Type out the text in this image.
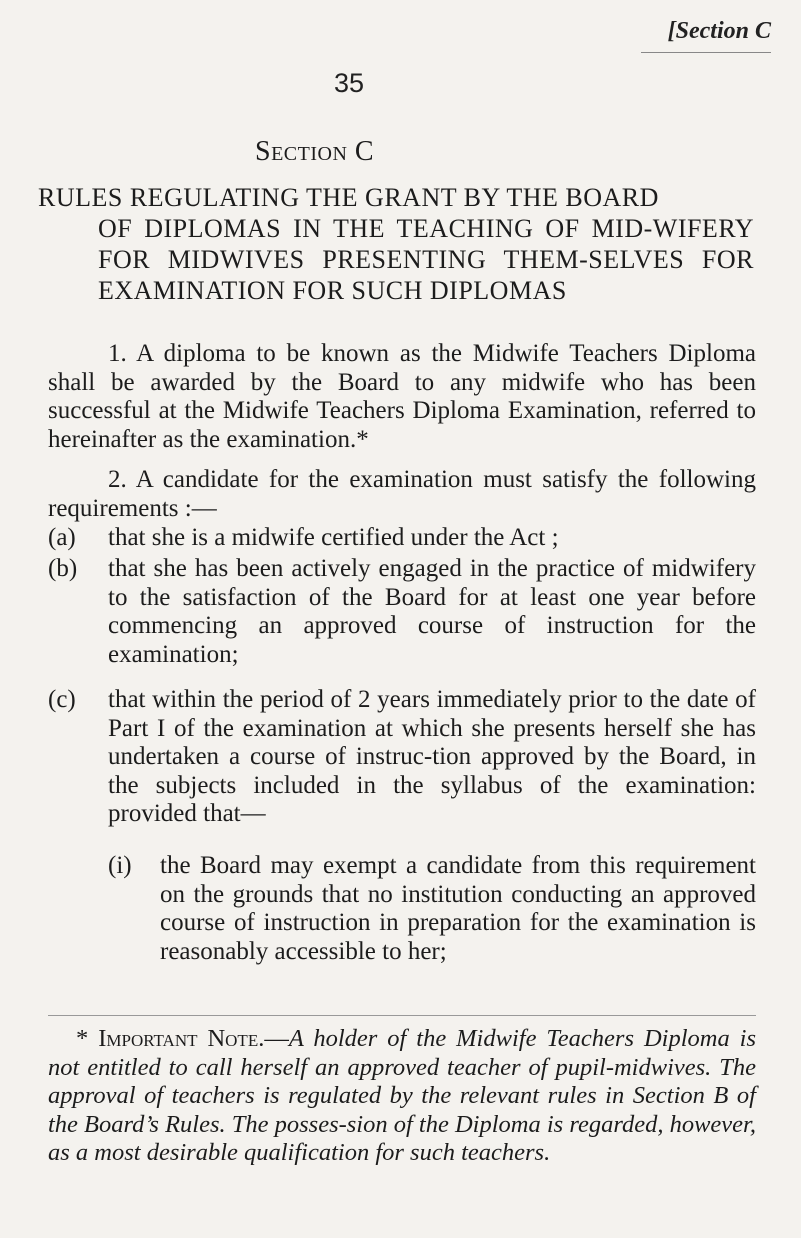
[Section C
35
Section C
RULES REGULATING THE GRANT BY THE BOARD
OF DIPLOMAS IN THE TEACHING OF MID-WIFERY FOR MIDWIVES PRESENTING THEM-SELVES FOR EXAMINATION FOR SUCH DIPLOMAS

1. A diploma to be known as the Midwife Teachers Diploma shall be awarded by the Board to any midwife who has been successful at the Midwife Teachers Diploma Examination, referred to hereinafter as the examination.*

2. A candidate for the examination must satisfy the following requirements :—

(a) that she is a midwife certified under the Act ;
(b) that she has been actively engaged in the practice of midwifery to the satisfaction of the Board for at least one year before commencing an approved course of instruction for the examination;
(c) that within the period of 2 years immediately prior to the date of Part I of the examination at which she presents herself she has undertaken a course of instruc-tion approved by the Board, in the subjects included in the syllabus of the examination: provided that—
(i) the Board may exempt a candidate from this requirement on the grounds that no institution conducting an approved course of instruction in preparation for the examination is reasonably accessible to her;

* Important Note.—A holder of the Midwife Teachers Diploma is not entitled to call herself an approved teacher of pupil-midwives. The approval of teachers is regulated by the relevant rules in Section B of the Board’s Rules. The posses-sion of the Diploma is regarded, however, as a most desirable qualification for such teachers.
